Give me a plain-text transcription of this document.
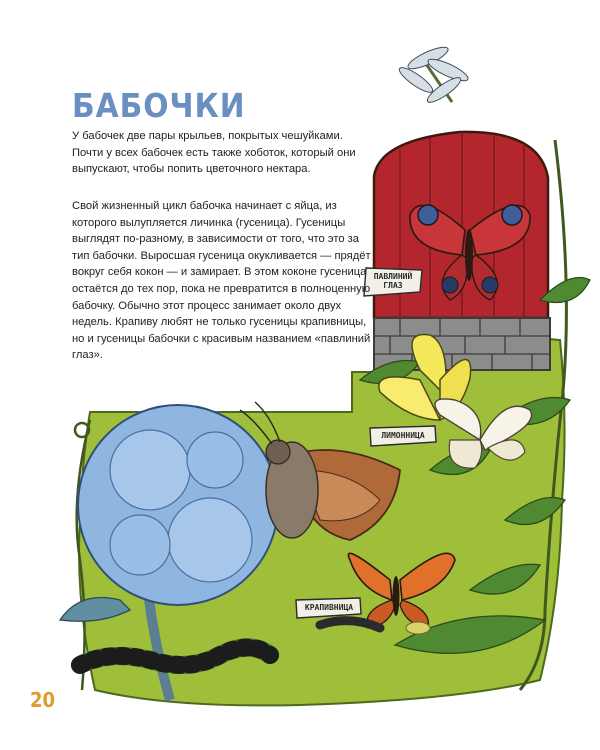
БАБОЧКИ

У бабочек две пары крыльев, покрытых чешуйками. Почти у всех бабочек есть также хоботок, который они выпускают, чтобы попить цветочного нектара.

Свой жизненный цикл бабочка начинает с яйца, из которого вылупляется личинка (гусеница). Гусеницы выглядят по-разному, в зависимости от того, что это за тип бабочки. Выросшая гусеница окукливается — прядёт вокруг себя кокон — и замирает. В этом коконе гусеница остаётся до тех пор, пока не превратится в полноценную бабочку. Обычно этот процесс занимает около двух недель. Крапиву любят не только гусеницы крапивницы, но и гусеницы бабочки с красивым названием «павлиний глаз».

ПАВЛИНИЙ ГЛАЗ
ЛИМОННИЦА
КРАПИВНИЦА

20
